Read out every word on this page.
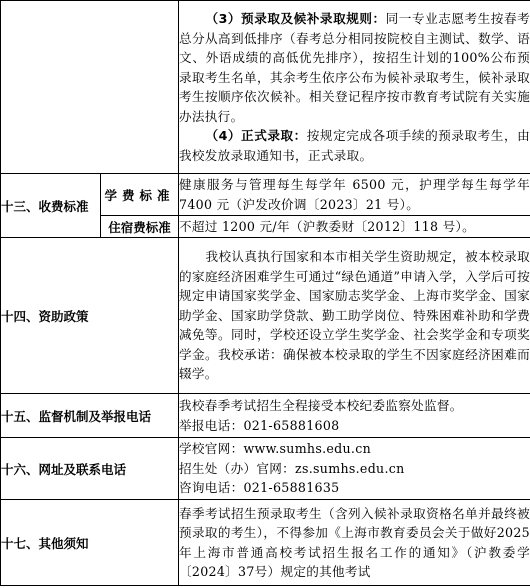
		（3）预录取及候补录取规则：同一专业志愿考生按春考总分从高到低排序（春考总分相同按院校自主测试、数学、语文、外语成绩的高低优先排序），按招生计划的100%公布预录取考生名单，其余考生依序公布为候补录取考生，候补录取考生按顺序依次候补。相关登记程序按市教育考试院有关实施办法执行。

（4）正式录取：按规定完成各项手续的预录取考生，由我校发放录取通知书，正式录取。

十三、收费标准	学费标准	健康服务与管理每生每学年 6500 元，护理学每生每学年 7400 元（沪发改价调〔2023〕21 号）。
	住宿费标准	不超过 1200 元/年（沪教委财〔2012〕118 号）。
十四、资助政策		我校认真执行国家和本市相关学生资助规定，被本校录取的家庭经济困难学生可通过“绿色通道”申请入学，入学后可按规定申请国家奖学金、国家励志奖学金、上海市奖学金、国家助学金、国家助学贷款、勤工助学岗位、特殊困难补助和学费减免等。同时，学校还设立学生奖学金、社会奖学金和专项奖学金。我校承诺：确保被本校录取的学生不因家庭经济困难而辍学。

十五、监督机制及举报电话		我校春季考试招生全程接受本校纪委监察处监督。

举报电话：021-65881608

十六、网址及联系电话		学校官网：www.sumhs.edu.cn

招生处（办）官网：zs.sumhs.edu.cn

咨询电话：021-65881635

十七、其他须知		春季考试招生预录取考生（含列入候补录取资格名单并最终被预录取的考生），不得参加《上海市教育委员会关于做好2025年上海市普通高校考试招生报名工作的通知》（沪教委学〔2024〕37号）规定的其他考试
